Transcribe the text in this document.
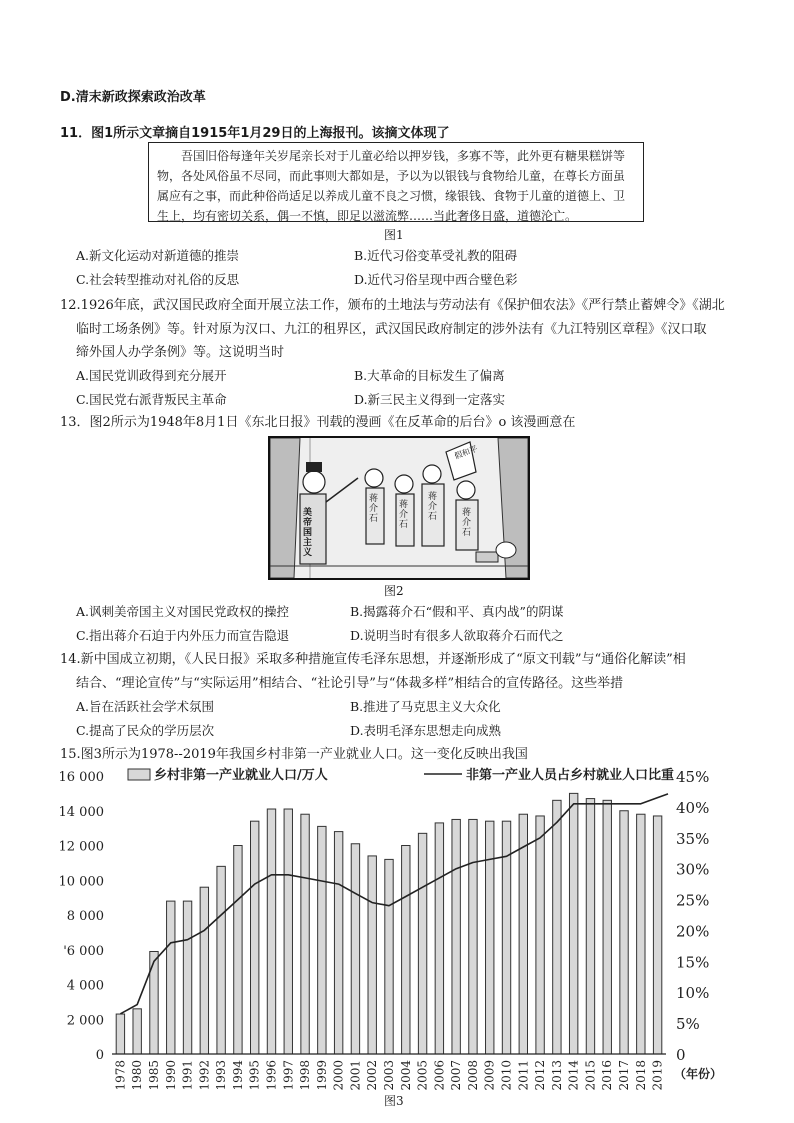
D.清末新政探索政治改革
11．图1所示文章摘自1915年1月29日的上海报刊。该摘文体现了

吾国旧俗每逢年关岁尾亲长对于儿童必给以押岁钱，多寡不等，此外更有糖果糕饼等物，各处风俗虽不尽同，而此事则大都如是，予以为以银钱与食物给儿童，在尊长方面虽属应有之事，而此种俗尚适足以养成儿童不良之习惯，缘银钱、食物于儿童的道德上、卫生上，均有密切关系，偶一不慎，即足以滋流弊……当此奢侈日盛，道德沦亡。

图1
A.新文化运动对新道德的推崇	B.近代习俗变革受礼教的阻碍
C.社会转型推动对礼俗的反思	D.近代习俗呈现中西合璧色彩
12.1926年底，武汉国民政府全面开展立法工作，颁布的土地法与劳动法有《保护佃农法》《严行禁止蓄婢令》《湖北
临时工场条例》等。针对原为汉口、九江的租界区，武汉国民政府制定的涉外法有《九江特别区章程》《汉口取
缔外国人办学条例》等。这说明当时
A.国民党训政得到充分展开	B.大革命的目标发生了偏离
C.国民党右派背叛民主革命	D.新三民主义得到一定落实
13．图2所示为1948年8月1日《东北日报》刊载的漫画《在反革命的后台》o 该漫画意在
美帝国主义
蒋介石
蒋介石
蒋介石	蒋介石
假和平
图2
A.讽刺美帝国主义对国民党政权的操控	B.揭露蒋介石“假和平、真内战”的阴谋
C.指出蒋介石迫于内外压力而宣告隐退	D.说明当时有很多人欲取蒋介石而代之
14.新中国成立初期，《人民日报》采取多种措施宣传毛泽东思想，并逐渐形成了“原文刊载”与“通俗化解读”相
结合、“理论宣传”与“实际运用”相结合、“社论引导”与“体裁多样”相结合的宣传路径。这些举措
A.旨在活跃社会学术氛围	B.推进了马克思主义大众化
C.提高了民众的学历层次	D.表明毛泽东思想走向成熟
15.图3所示为1978--2019年我国乡村非第一产业就业人口。这一变化反映出我国
0
2 000
4 000
'6 000
8 000
10 000
12 000
14 000
16 000
0
5%
10%
15%
20%
25%
30%
35%
40%
45%
1978 1980 1985 1990 1991 1992 1993 1994 1995 1996 1997 1998 1999 2000 2001 2002 2003 2004 2005 2006 2007 2008 2009 2010 2011 2012 2013 2014 2015 2016 2017 2018 2019
乡村非第一产业就业人口/万人	非第一产业人员占乡村就业人口比重
（年份）
图3
